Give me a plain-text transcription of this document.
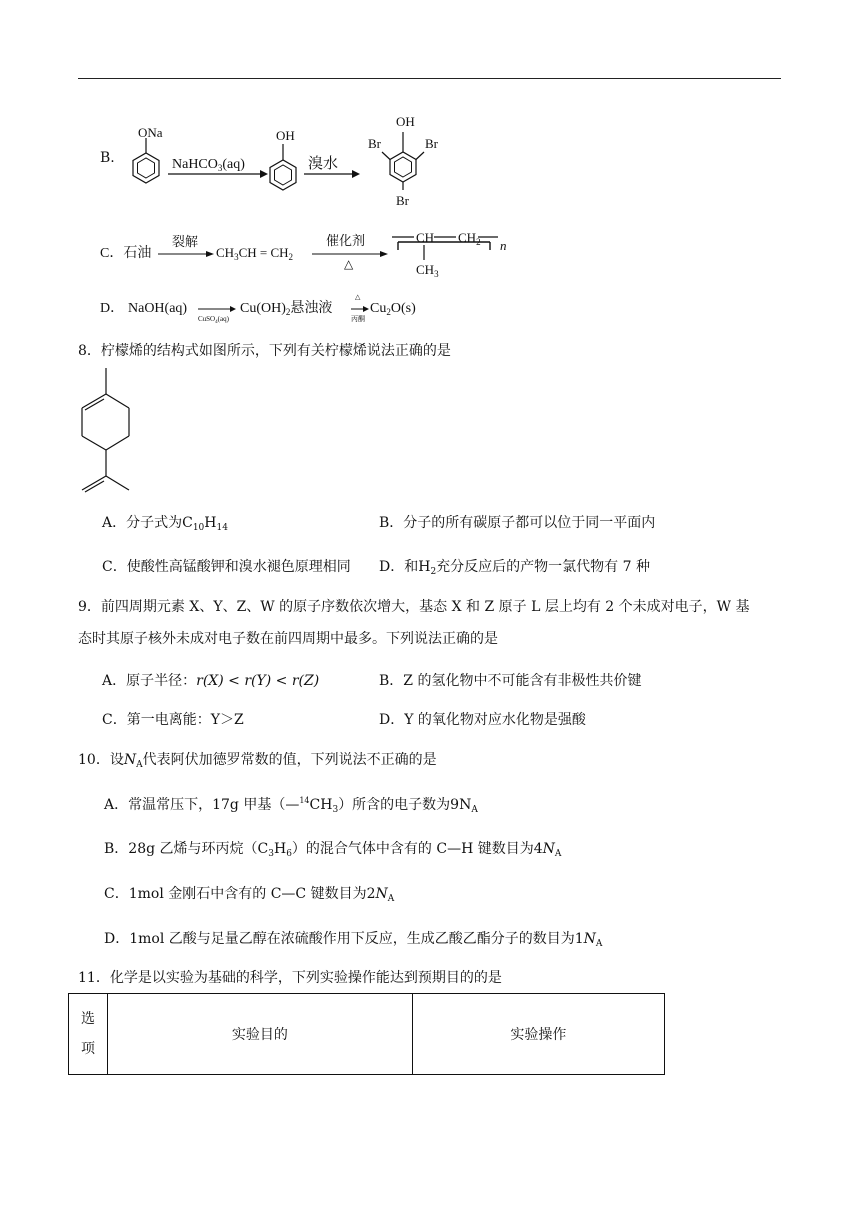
B.
ONa
NaHCO$_3$(aq)
OH
溴水
OH
Br	Br
Br
C．石油
裂解
$CH_3CH = CH_2$
催化剂
△
CH $CH_2$ n
$CH_3$
D． NaOH(aq)
CuSO$_4$(aq)
$Cu(OH)_2$悬浊液
△
丙酮
$Cu_2O(s)$
8．柠檬烯的结构式如图所示，下列有关柠檬烯说法正确的是
A．分子式为$C_{10}H_{14}$	B．分子的所有碳原子都可以位于同一平面内
C．使酸性高锰酸钾和溴水褪色原理相同 D．和$H_2$充分反应后的产物一氯代物有 7 种
9．前四周期元素 X、Y、Z、W 的原子序数依次增大，基态 X 和 Z 原子 L 层上均有 2 个未成对电子，W 基
态时其原子核外未成对电子数在前四周期中最多。下列说法正确的是
A．原子半径：r(X) < r(Y) < r(Z)	B．Z 的氢化物中不可能含有非极性共价键
C．第一电离能：Y＞Z	D．Y 的氧化物对应水化物是强酸
10．设$N_A$代表阿伏加德罗常数的值，下列说法不正确的是
A．常温常压下，17g 甲基$(—^{14}CH_3)$所含的电子数为$9N_A$
B．28g 乙烯与环丙烷$(C_3H_6)$的混合气体中含有的 C—H 键数目为$4N_A$
C．1mol 金刚石中含有的 C—C 键数目为$2N_A$
D．1mol 乙酸与足量乙醇在浓硫酸作用下反应，生成乙酸乙酯分子的数目为$1N_A$
11．化学是以实验为基础的科学，下列实验操作能达到预期目的的是
选
项	实验目的	实验操作
